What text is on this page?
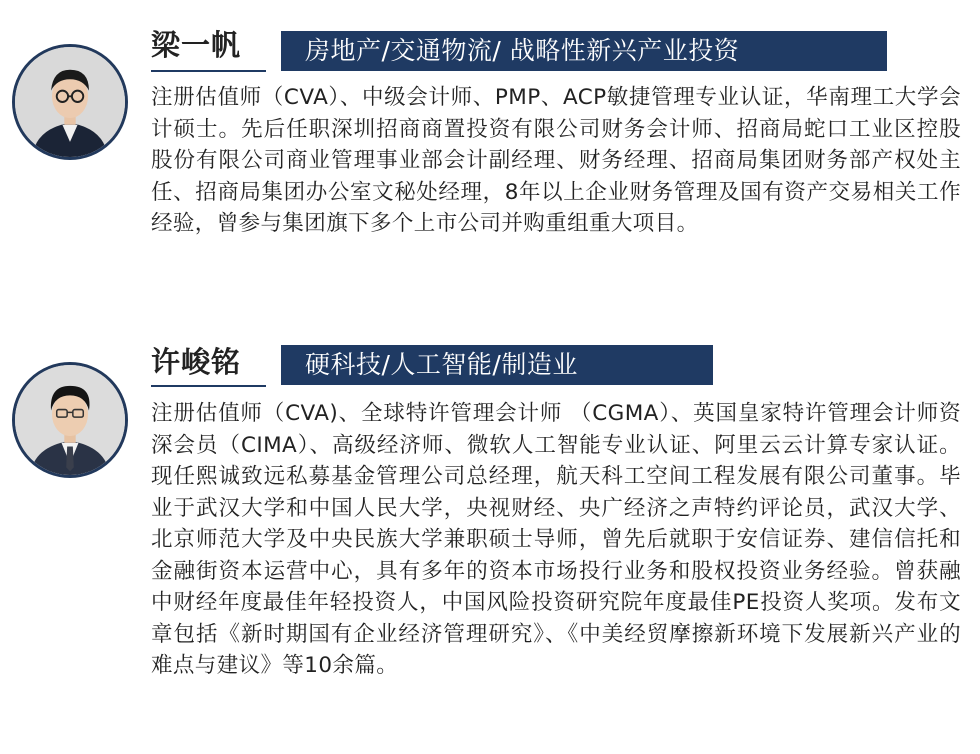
梁一帆	房地产/交通物流/ 战略性新兴产业投资
注册估值师（CVA）、中级会计师、PMP、ACP敏捷管理专业认证，华南理工大学会计硕士。先后任职深圳招商商置投资有限公司财务会计师、招商局蛇口工业区控股股份有限公司商业管理事业部会计副经理、财务经理、招商局集团财务部产权处主任、招商局集团办公室文秘处经理，8年以上企业财务管理及国有资产交易相关工作经验，曾参与集团旗下多个上市公司并购重组重大项目。
许峻铭	硬科技/人工智能/制造业
注册估值师（CVA)、全球特许管理会计师 （CGMA）、英国皇家特许管理会计师资深会员（CIMA）、高级经济师、微软人工智能专业认证、阿里云云计算专家认证。现任熙诚致远私募基金管理公司总经理，航天科工空间工程发展有限公司董事。毕业于武汉大学和中国人民大学，央视财经、央广经济之声特约评论员，武汉大学、北京师范大学及中央民族大学兼职硕士导师，曾先后就职于安信证券、建信信托和金融街资本运营中心，具有多年的资本市场投行业务和股权投资业务经验。曾获融中财经年度最佳年轻投资人，中国风险投资研究院年度最佳PE投资人奖项。发布文章包括《新时期国有企业经济管理研究》、《中美经贸摩擦新环境下发展新兴产业的难点与建议》等10余篇。
